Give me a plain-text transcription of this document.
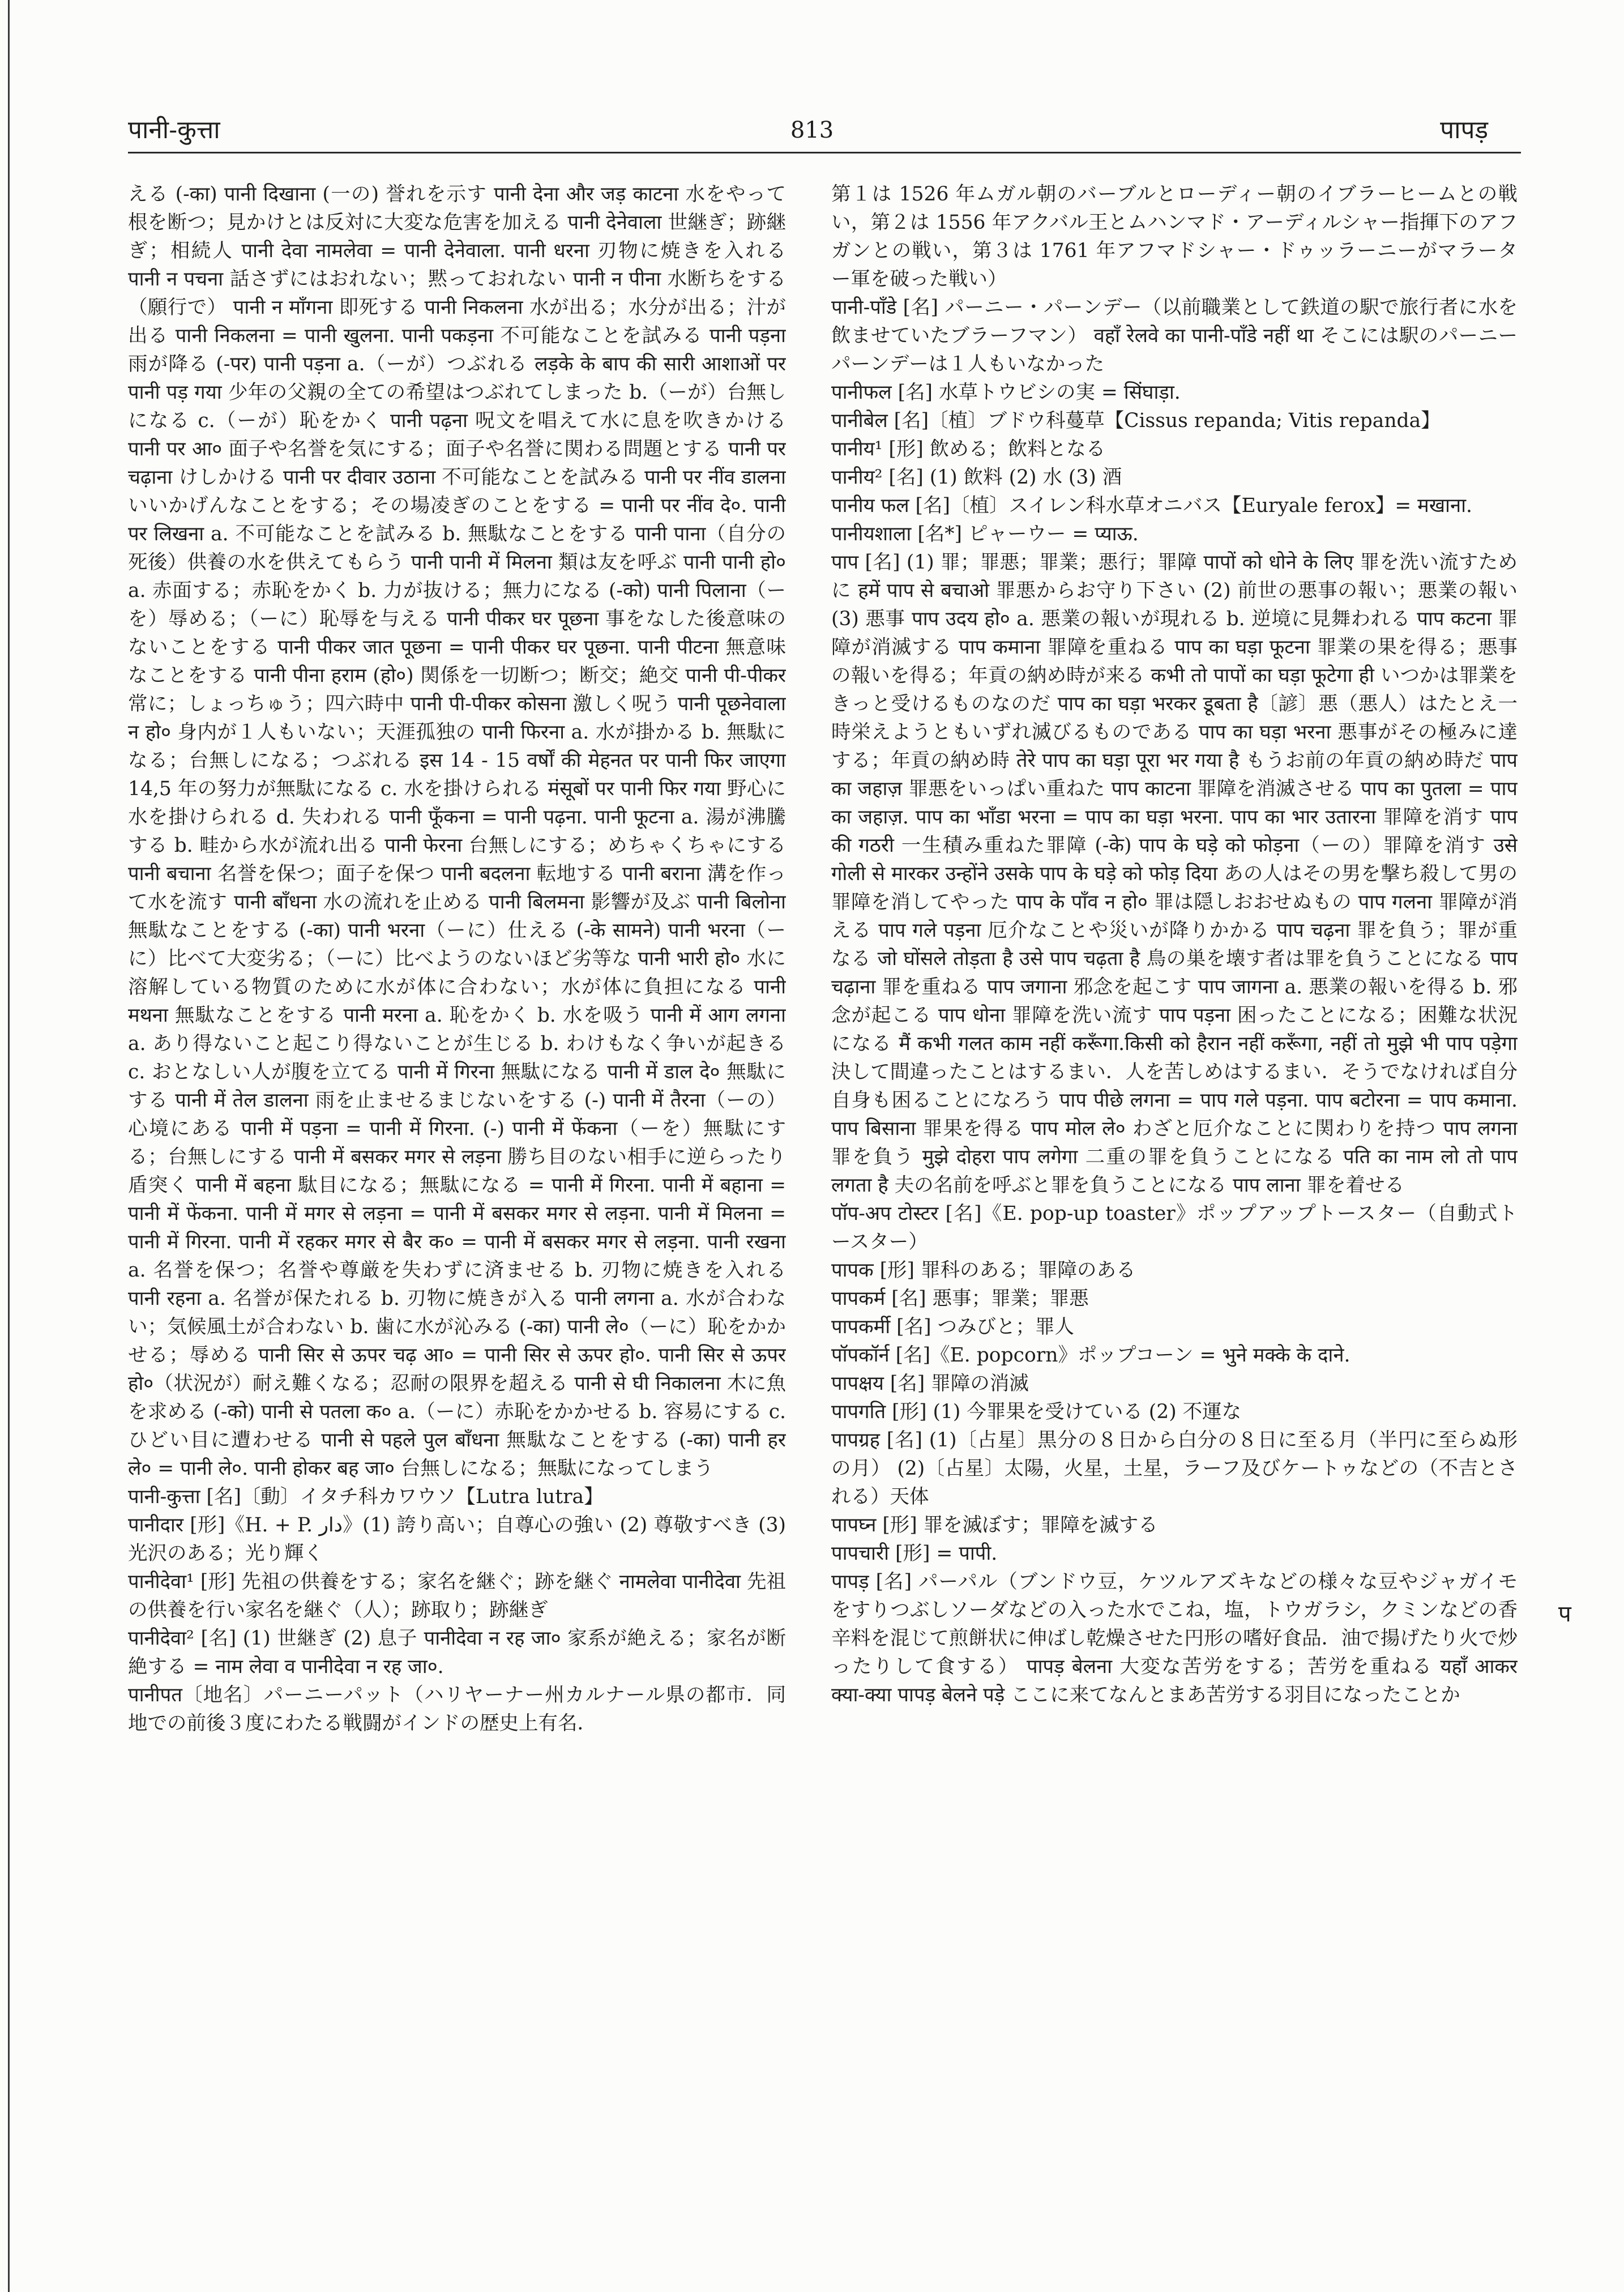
पानी-कुत्ता	813	पापड़

える (-का) पानी दिखाना (一の) 誉れを示す पानी देना और जड़ काटना 水をやって根を断つ；見かけとは反対に大変な危害を加える पानी देनेवाला 世継ぎ；跡継ぎ；相続人 पानी देवा नामलेवा = पानी देनेवाला. पानी धरना 刃物に焼きを入れる पानी न पचना 話さずにはおれない；黙っておれない पानी न पीना 水断ちをする（願行で） पानी न माँगना 即死する पानी निकलना 水が出る；水分が出る；汁が出る पानी निकलना = पानी खुलना. पानी पकड़ना 不可能なことを試みる पानी पड़ना 雨が降る (-पर) पानी पड़ना a.（ーが）つぶれる लड़के के बाप की सारी आशाओं पर पानी पड़ गया 少年の父親の全ての希望はつぶれてしまった b.（ーが）台無しになる c.（ーが）恥をかく पानी पढ़ना 呪文を唱えて水に息を吹きかける पानी पर आ० 面子や名誉を気にする；面子や名誉に関わる問題とする पानी पर चढ़ाना けしかける पानी पर दीवार उठाना 不可能なことを試みる पानी पर नींव डालना いいかげんなことをする；その場凌ぎのことをする = पानी पर नींव दे०. पानी पर लिखना a. 不可能なことを試みる b. 無駄なことをする पानी पाना（自分の死後）供養の水を供えてもらう पानी पानी में मिलना 類は友を呼ぶ पानी पानी हो० a. 赤面する；赤恥をかく b. 力が抜ける；無力になる (-को) पानी पिलाना（ーを）辱める；（ーに）恥辱を与える पानी पीकर घर पूछना 事をなした後意味のないことをする पानी पीकर जात पूछना = पानी पीकर घर पूछना. पानी पीटना 無意味なことをする पानी पीना हराम (हो०) 関係を一切断つ；断交；絶交 पानी पी-पीकर 常に；しょっちゅう；四六時中 पानी पी-पीकर कोसना 激しく呪う पानी पूछनेवाला न हो० 身内が１人もいない；天涯孤独の पानी फिरना a. 水が掛かる b. 無駄になる；台無しになる；つぶれる इस 14 - 15 वर्षों की मेहनत पर पानी फिर जाएगा 14,5 年の努力が無駄になる c. 水を掛けられる मंसूबों पर पानी फिर गया 野心に水を掛けられる d. 失われる पानी फूँकना = पानी पढ़ना. पानी फूटना a. 湯が沸騰する b. 畦から水が流れ出る पानी फेरना 台無しにする；めちゃくちゃにする पानी बचाना 名誉を保つ；面子を保つ पानी बदलना 転地する पानी बराना 溝を作って水を流す पानी बाँधना 水の流れを止める पानी बिलमना 影響が及ぶ पानी बिलोना 無駄なことをする (-का) पानी भरना（ーに）仕える (-के सामने) पानी भरना（ーに）比べて大変劣る；（ーに）比べようのないほど劣等な पानी भारी हो० 水に溶解している物質のために水が体に合わない；水が体に負担になる पानी मथना 無駄なことをする पानी मरना a. 恥をかく b. 水を吸う पानी में आग लगना a. あり得ないこと起こり得ないことが生じる b. わけもなく争いが起きる c. おとなしい人が腹を立てる पानी में गिरना 無駄になる पानी में डाल दे० 無駄にする पानी में तेल डालना 雨を止ませるまじないをする (-) पानी में तैरना（ーの）心境にある पानी में पड़ना = पानी में गिरना. (-) पानी में फेंकना（ーを）無駄にする；台無しにする पानी में बसकर मगर से लड़ना 勝ち目のない相手に逆らったり盾突く पानी में बहना 駄目になる；無駄になる = पानी में गिरना. पानी में बहाना = पानी में फेंकना. पानी में मगर से लड़ना = पानी में बसकर मगर से लड़ना. पानी में मिलना = पानी में गिरना. पानी में रहकर मगर से बैर क० = पानी में बसकर मगर से लड़ना. पानी रखना a. 名誉を保つ；名誉や尊厳を失わずに済ませる b. 刃物に焼きを入れる पानी रहना a. 名誉が保たれる b. 刃物に焼きが入る पानी लगना a. 水が合わない；気候風土が合わない b. 歯に水が沁みる (-का) पानी ले०（ーに）恥をかかせる；辱める पानी सिर से ऊपर चढ़ आ० = पानी सिर से ऊपर हो०. पानी सिर से ऊपर हो०（状況が）耐え難くなる；忍耐の限界を超える पानी से घी निकालना 木に魚を求める (-को) पानी से पतला क० a.（ーに）赤恥をかかせる b. 容易にする c. ひどい目に遭わせる पानी से पहले पुल बाँधना 無駄なことをする (-का) पानी हर ले० = पानी ले०. पानी होकर बह जा० 台無しになる；無駄になってしまう

पानी-कुत्ता [名]〔動〕イタチ科カワウソ【Lutra lutra】

पानीदार [形]《H. + P. دار》(1) 誇り高い；自尊心の強い (2) 尊敬すべき (3) 光沢のある；光り輝く

पानीदेवा¹ [形] 先祖の供養をする；家名を継ぐ；跡を継ぐ नामलेवा पानीदेवा 先祖の供養を行い家名を継ぐ（人）；跡取り；跡継ぎ

पानीदेवा² [名] (1) 世継ぎ (2) 息子 पानीदेवा न रह जा० 家系が絶える；家名が断絶する = नाम लेवा व पानीदेवा न रह जा०.

पानीपत〔地名〕パーニーパット（ハリヤーナー州カルナール県の都市．同地での前後３度にわたる戦闘がインドの歴史上有名．

第１は 1526 年ムガル朝のバーブルとローディー朝のイブラーヒームとの戦い，第２は 1556 年アクバル王とムハンマド・アーディルシャー指揮下のアフガンとの戦い，第３は 1761 年アフマドシャー・ドゥッラーニーがマラーター軍を破った戦い）

पानी-पाँडे [名] パーニー・パーンデー（以前職業として鉄道の駅で旅行者に水を飲ませていたブラーフマン） वहाँ रेलवे का पानी-पाँडे नहीं था そこには駅のパーニーパーンデーは１人もいなかった

पानीफल [名] 水草トウビシの実 = सिंघाड़ा.

पानीबेल [名]〔植〕ブドウ科蔓草【Cissus repanda; Vitis repanda】

पानीय¹ [形] 飲める；飲料となる

पानीय² [名] (1) 飲料 (2) 水 (3) 酒

पानीय फल [名]〔植〕スイレン科水草オニバス【Euryale ferox】= मखाना.

पानीयशाला [名*] ピャーウー = प्याऊ.

पाप [名] (1) 罪；罪悪；罪業；悪行；罪障 पापों को धोने के लिए 罪を洗い流すために हमें पाप से बचाओ 罪悪からお守り下さい (2) 前世の悪事の報い；悪業の報い (3) 悪事 पाप उदय हो० a. 悪業の報いが現れる b. 逆境に見舞われる पाप कटना 罪障が消滅する पाप कमाना 罪障を重ねる पाप का घड़ा फूटना 罪業の果を得る；悪事の報いを得る；年貢の納め時が来る कभी तो पापों का घड़ा फूटेगा ही いつかは罪業をきっと受けるものなのだ पाप का घड़ा भरकर डूबता है〔諺〕悪（悪人）はたとえ一時栄えようともいずれ滅びるものである पाप का घड़ा भरना 悪事がその極みに達する；年貢の納め時 तेरे पाप का घड़ा पूरा भर गया है もうお前の年貢の納め時だ पाप का जहाज़ 罪悪をいっぱい重ねた पाप काटना 罪障を消滅させる पाप का पुतला = पाप का जहाज़. पाप का भाँडा भरना = पाप का घड़ा भरना. पाप का भार उतारना 罪障を消す पाप की गठरी 一生積み重ねた罪障 (-के) पाप के घड़े को फोड़ना（ーの）罪障を消す उसे गोली से मारकर उन्होंने उसके पाप के घड़े को फोड़ दिया あの人はその男を撃ち殺して男の罪障を消してやった पाप के पाँव न हो० 罪は隠しおおせぬもの पाप गलना 罪障が消える पाप गले पड़ना 厄介なことや災いが降りかかる पाप चढ़ना 罪を負う；罪が重なる जो घोंसले तोड़ता है उसे पाप चढ़ता है 鳥の巣を壊す者は罪を負うことになる पाप चढ़ाना 罪を重ねる पाप जगाना 邪念を起こす पाप जागना a. 悪業の報いを得る b. 邪念が起こる पाप धोना 罪障を洗い流す पाप पड़ना 困ったことになる；困難な状況になる मैं कभी गलत काम नहीं करूँगा.किसी को हैरान नहीं करूँगा, नहीं तो मुझे भी पाप पड़ेगा 決して間違ったことはするまい．人を苦しめはするまい．そうでなければ自分自身も困ることになろう पाप पीछे लगना = पाप गले पड़ना. पाप बटोरना = पाप कमाना. पाप बिसाना 罪果を得る पाप मोल ले० わざと厄介なことに関わりを持つ पाप लगना 罪を負う मुझे दोहरा पाप लगेगा 二重の罪を負うことになる पति का नाम लो तो पाप लगता है 夫の名前を呼ぶと罪を負うことになる पाप लाना 罪を着せる

पॉप-अप टोस्टर [名]《E. pop-up toaster》ポップアップトースター（自動式トースター）

पापक [形] 罪科のある；罪障のある

पापकर्म [名] 悪事；罪業；罪悪

पापकर्मी [名] つみびと；罪人

पॉपकॉर्न [名]《E. popcorn》ポップコーン = भुने मक्के के दाने.

पापक्षय [名] 罪障の消滅

पापगति [形] (1) 今罪果を受けている (2) 不運な

पापग्रह [名] (1)〔占星〕黒分の８日から白分の８日に至る月（半円に至らぬ形の月） (2)〔占星〕太陽，火星，土星，ラーフ及びケートゥなどの（不吉とされる）天体

पापघ्न [形] 罪を滅ぼす；罪障を滅する

पापचारी [形] = पापी.

पापड़ [名] パーパル（ブンドウ豆，ケツルアズキなどの様々な豆やジャガイモをすりつぶしソーダなどの入った水でこね，塩，トウガラシ，クミンなどの香辛料を混じて煎餅状に伸ばし乾燥させた円形の嗜好食品．油で揚げたり火で炒ったりして食する） पापड़ बेलना 大変な苦労をする；苦労を重ねる यहाँ आकर क्या-क्या पापड़ बेलने पड़े ここに来てなんとまあ苦労する羽目になったことか

प
